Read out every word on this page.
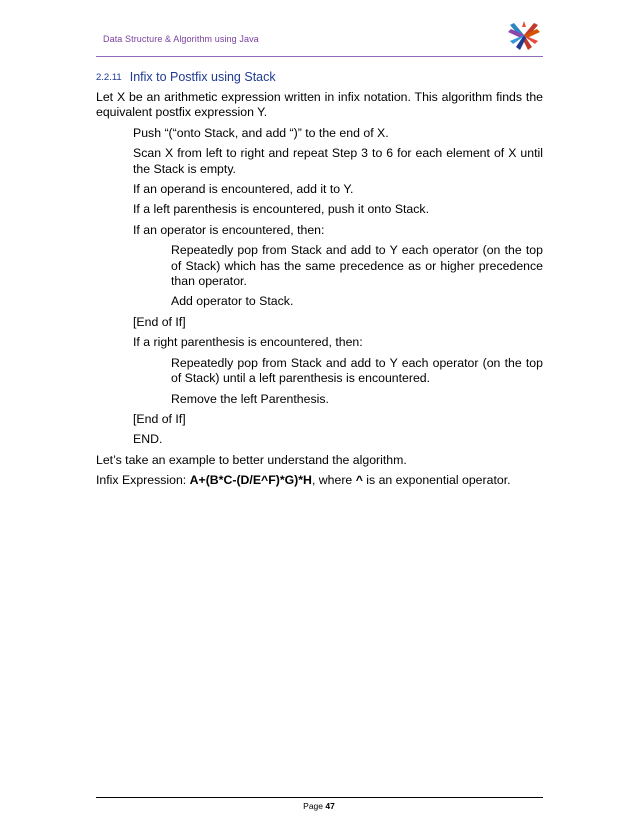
Data Structure & Algorithm using Java
2.2.11 Infix to Postfix using Stack

Let X be an arithmetic expression written in infix notation. This algorithm finds the equivalent postfix expression Y.

Push “(“onto Stack, and add “)” to the end of X.

Scan X from left to right and repeat Step 3 to 6 for each element of X until the Stack is empty.

If an operand is encountered, add it to Y.

If a left parenthesis is encountered, push it onto Stack.

If an operator is encountered, then:

Repeatedly pop from Stack and add to Y each operator (on the top of Stack) which has the same precedence as or higher precedence than operator.

Add operator to Stack.

[End of If]

If a right parenthesis is encountered, then:

Repeatedly pop from Stack and add to Y each operator (on the top of Stack) until a left parenthesis is encountered.

Remove the left Parenthesis.

[End of If]

END.

Let’s take an example to better understand the algorithm.

Infix Expression: A+(B*C-(D/E^F)*G)*H, where ^ is an exponential operator.

Page 47
